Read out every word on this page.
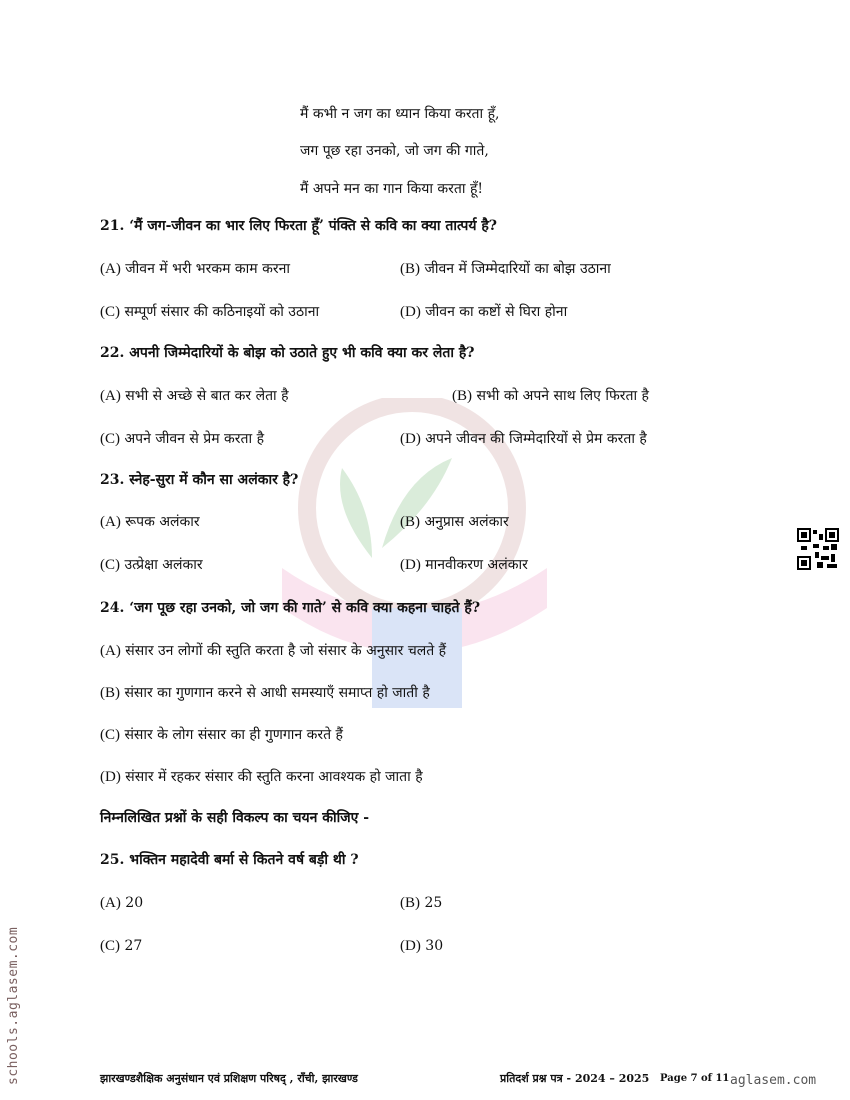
मैं कभी न जग का ध्यान किया करता हूँ,
जग पूछ रहा उनको, जो जग की गाते,
मैं अपने मन का गान किया करता हूँ!
21. ‘मैं जग-जीवन का भार लिए फिरता हूँ’ पंक्ति से कवि का क्या तात्पर्य है?
(A) जीवन में भरी भरकम काम करना	(B) जीवन में जिम्मेदारियों का बोझ उठाना
(C) सम्पूर्ण संसार की कठिनाइयों को उठाना	(D) जीवन का कष्टों से घिरा होना
22. अपनी जिम्मेदारियों के बोझ को उठाते हुए भी कवि क्या कर लेता है?
(A) सभी से अच्छे से बात कर लेता है	(B) सभी को अपने साथ लिए फिरता है
(C) अपने जीवन से प्रेम करता है	(D) अपने जीवन की जिम्मेदारियों से प्रेम करता है
23. स्नेह-सुरा में कौन सा अलंकार है?
(A) रूपक अलंकार	(B) अनुप्रास अलंकार
(C) उत्प्रेक्षा अलंकार	(D) मानवीकरण अलंकार
24. ‘जग पूछ रहा उनको, जो जग की गाते’ से कवि क्या कहना चाहते हैं?
(A) संसार उन लोगों की स्तुति करता है जो संसार के अनुसार चलते हैं
(B) संसार का गुणगान करने से आधी समस्याएँ समाप्त हो जाती है
(C) संसार के लोग संसार का ही गुणगान करते हैं
(D) संसार में रहकर संसार की स्तुति करना आवश्यक हो जाता है
निम्नलिखित प्रश्नों के सही विकल्प का चयन कीजिए -
25. भक्तिन महादेवी बर्मा से कितने वर्ष बड़ी थी ?
(A) 20	(B) 25
(C) 27	(D) 30
schools.aglasem.com	झारखण्डशैक्षिक अनुसंधान एवं प्रशिक्षण परिषद् , राँची, झारखण्ड	प्रतिदर्श प्रश्न पत्र - 2024 – 2025 Page 7 of 11 aglasem.com
